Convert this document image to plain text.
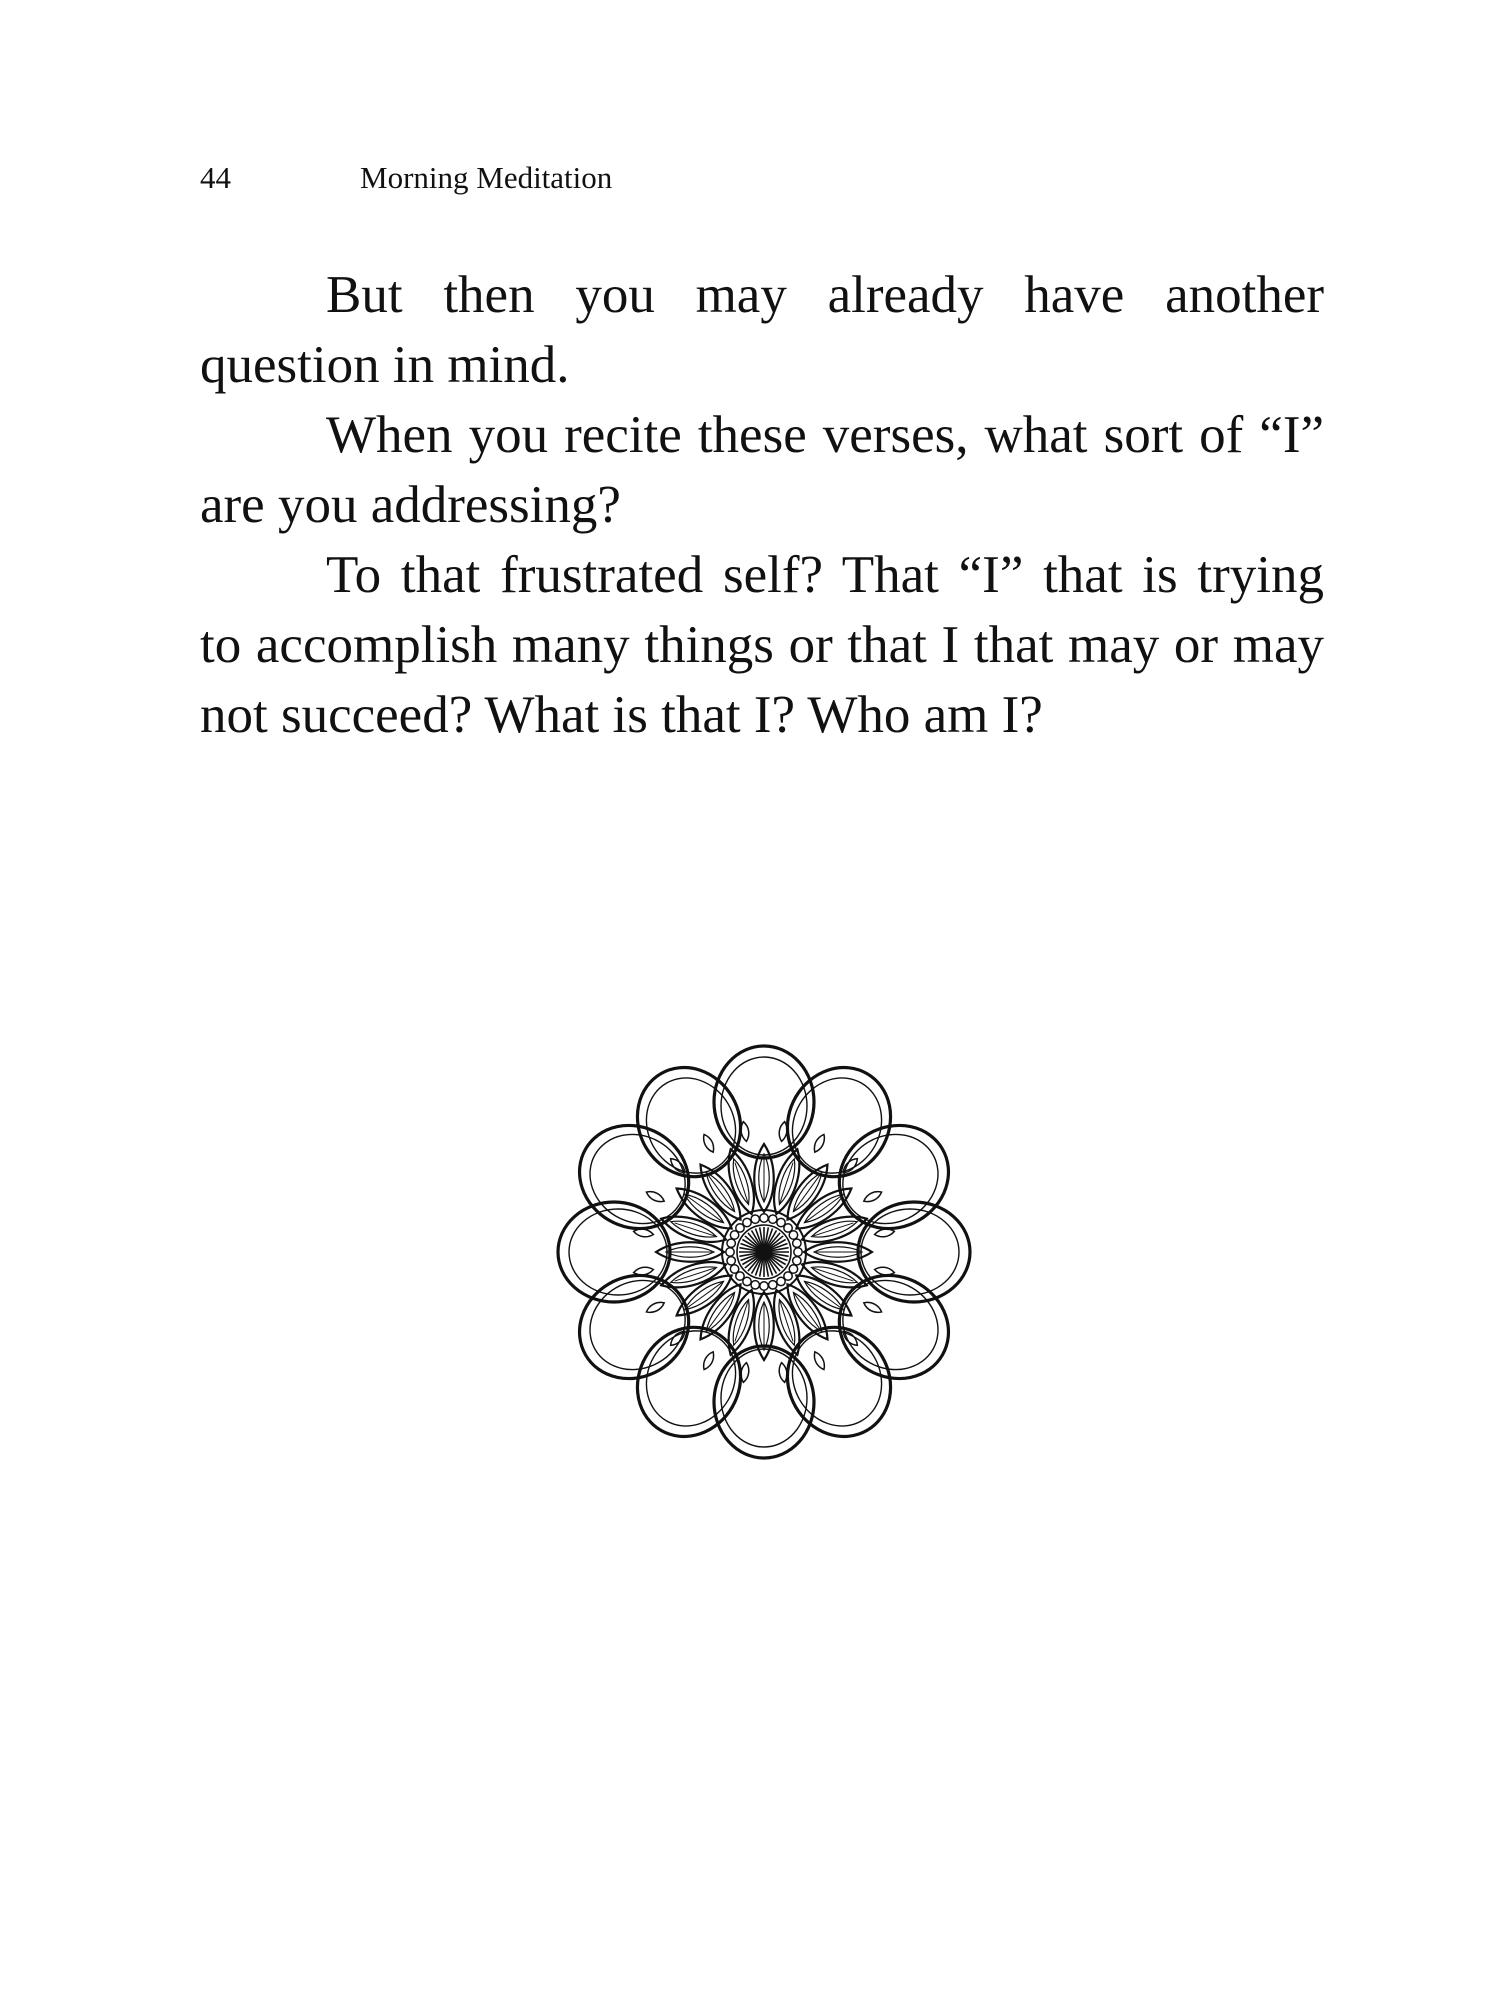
44	Morning Meditation

But then you may already have another question in mind.

When you recite these verses, what sort of “I” are you addressing?

To that frustrated self? That “I” that is trying to accomplish many things or that I that may or may not succeed? What is that I? Who am I?
